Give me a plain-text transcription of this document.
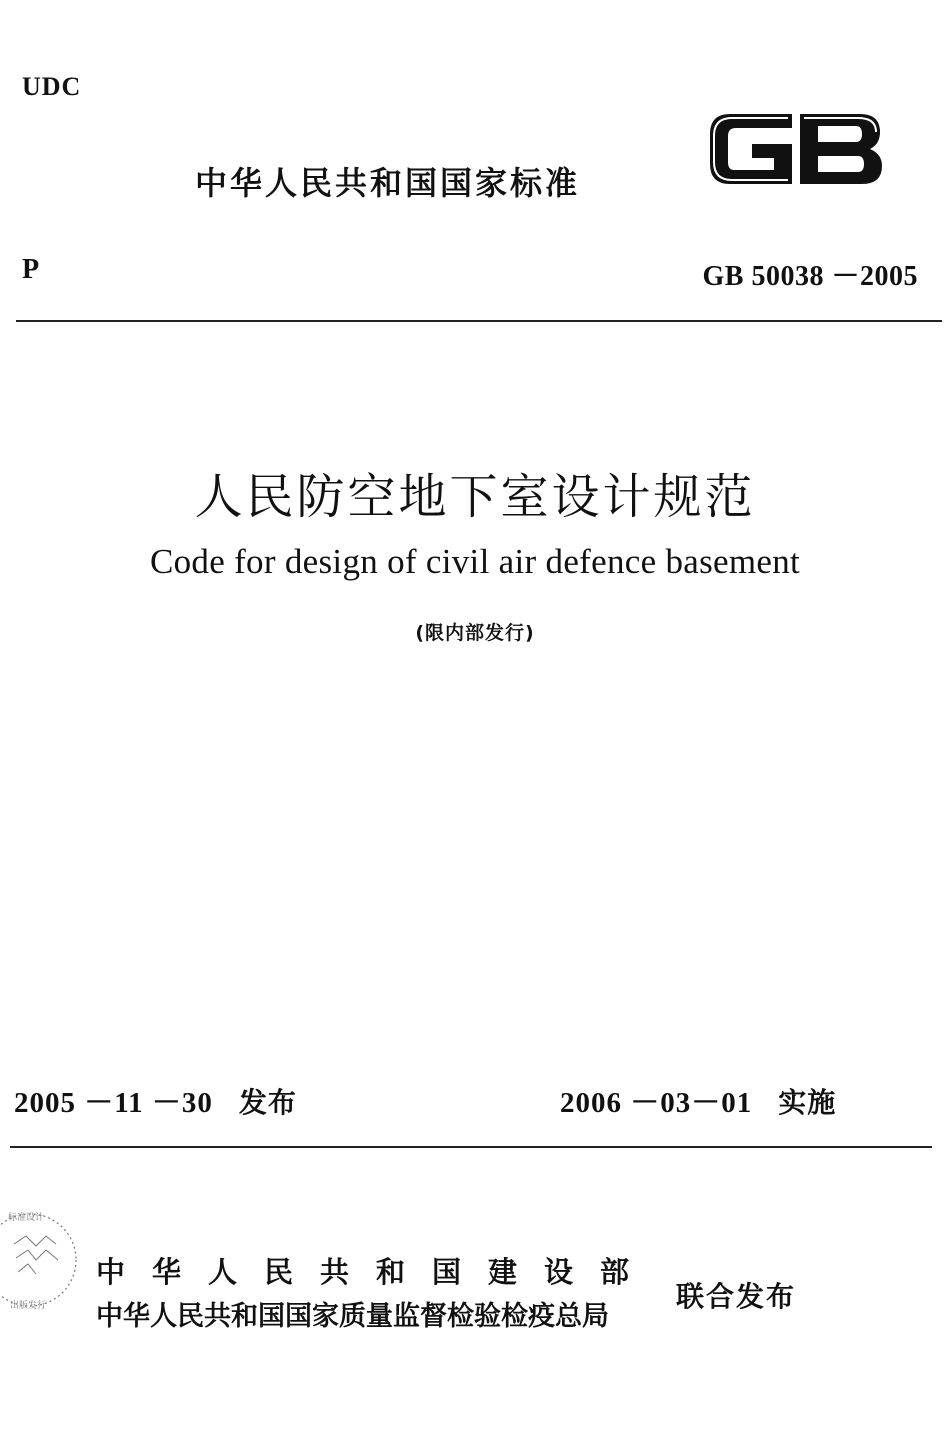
UDC
中华人民共和国国家标准
P	GB 50038 －2005
人民防空地下室设计规范
Code for design of civil air defence basement
(限内部发行)
2005 －11 －30 发布	2006 －03－01 实施
标准设计
出版发行
中华人民共和国建设部
中华人民共和国国家质量监督检验检疫总局
联合发布
